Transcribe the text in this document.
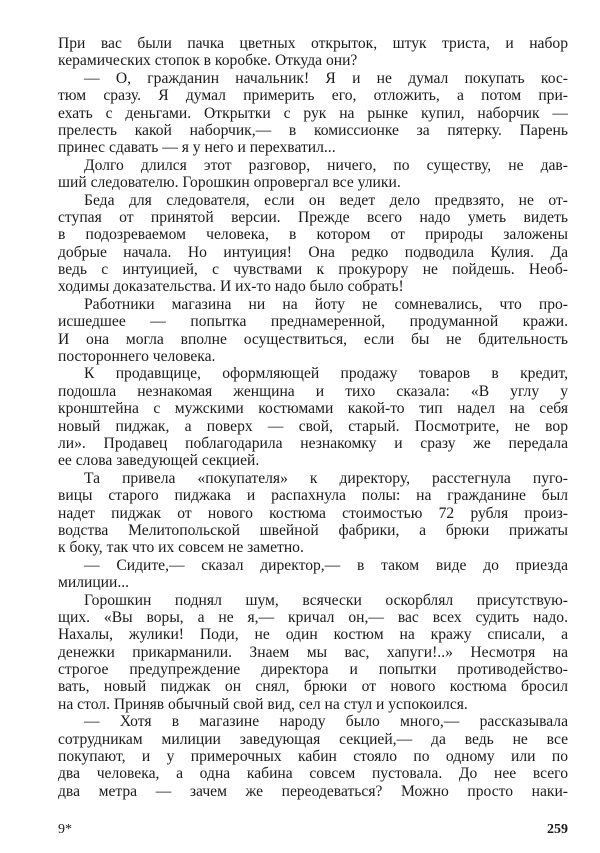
При вас были пачка цветных открыток, штук триста, и набор
керамических стопок в коробке. Откуда они?
— О, гражданин начальник! Я и не думал покупать кос-
тюм сразу. Я думал примерить его, отложить, а потом при-
ехать с деньгами. Открытки с рук на рынке купил, наборчик —
прелесть какой наборчик,— в комиссионке за пятерку. Парень
принес сдавать — я у него и перехватил...
Долго длился этот разговор, ничего, по существу, не дав-
ший следователю. Горошкин опровергал все улики.
Беда для следователя, если он ведет дело предвзято, не от-
ступая от принятой версии. Прежде всего надо уметь видеть
в подозреваемом человека, в котором от природы заложены
добрые начала. Но интуиция! Она редко подводила Кулия. Да
ведь с интуицией, с чувствами к прокурору не пойдешь. Необ-
ходимы доказательства. И их-то надо было собрать!
Работники магазина ни на йоту не сомневались, что про-
исшедшее — попытка преднамеренной, продуманной кражи.
И она могла вполне осуществиться, если бы не бдительность
постороннего человека.
К продавщице, оформляющей продажу товаров в кредит,
подошла незнакомая женщина и тихо сказала: «В углу у
кронштейна с мужскими костюмами какой-то тип надел на себя
новый пиджак, а поверх — свой, старый. Посмотрите, не вор
ли». Продавец поблагодарила незнакомку и сразу же передала
ее слова заведующей секцией.
Та привела «покупателя» к директору, расстегнула пуго-
вицы старого пиджака и распахнула полы: на гражданине был
надет пиджак от нового костюма стоимостью 72 рубля произ-
водства Мелитопольской швейной фабрики, а брюки прижаты
к боку, так что их совсем не заметно.
— Сидите,— сказал директор,— в таком виде до приезда
милиции...
Горошкин поднял шум, всячески оскорблял присутствую-
щих. «Вы воры, а не я,— кричал он,— вас всех судить надо.
Нахалы, жулики! Поди, не один костюм на кражу списали, а
денежки прикарманили. Знаем мы вас, хапуги!..» Несмотря на
строгое предупреждение директора и попытки противодейство-
вать, новый пиджак он снял, брюки от нового костюма бросил
на стол. Приняв обычный свой вид, сел на стул и успокоился.
— Хотя в магазине народу было много,— рассказывала
сотрудникам милиции заведующая секцией,— да ведь не все
покупают, и у примерочных кабин стояло по одному или по
два человека, а одна кабина совсем пустовала. До нее всего
два метра — зачем же переодеваться? Можно просто наки-
9*	259
